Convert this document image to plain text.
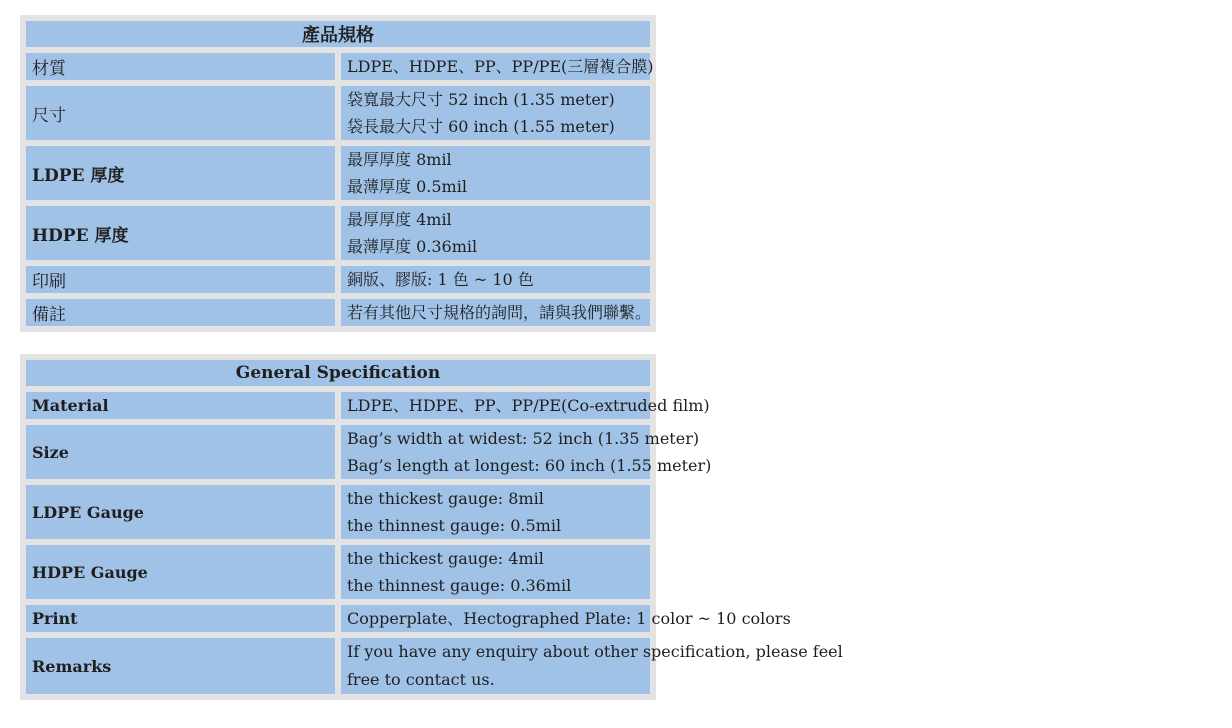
產品規格	
材質	LDPE、HDPE、PP、PP/PE(三層複合膜)

尺寸	袋寬最大尺寸 52 inch (1.35 meter)
袋長最大尺寸 60 inch (1.55 meter)

LDPE 厚度	最厚厚度 8mil
最薄厚度 0.5mil

HDPE 厚度	最厚厚度 4mil
最薄厚度 0.36mil

印刷	銅版、膠版: 1 色 ~ 10 色

備註	若有其他尺寸規格的詢問，請與我們聯繫。
General Specification	
Material	LDPE、HDPE、PP、PP/PE(Co-extruded film)

Size	Bag’s width at widest: 52 inch (1.35 meter)
Bag’s length at longest: 60 inch (1.55 meter)

LDPE Gauge	the thickest gauge: 8mil
the thinnest gauge: 0.5mil

HDPE Gauge	the thickest gauge: 4mil
the thinnest gauge: 0.36mil

Print	Copperplate、Hectographed Plate: 1 color ~ 10 colors

Remarks	If you have any enquiry about other specification, please feel
free to contact us.
